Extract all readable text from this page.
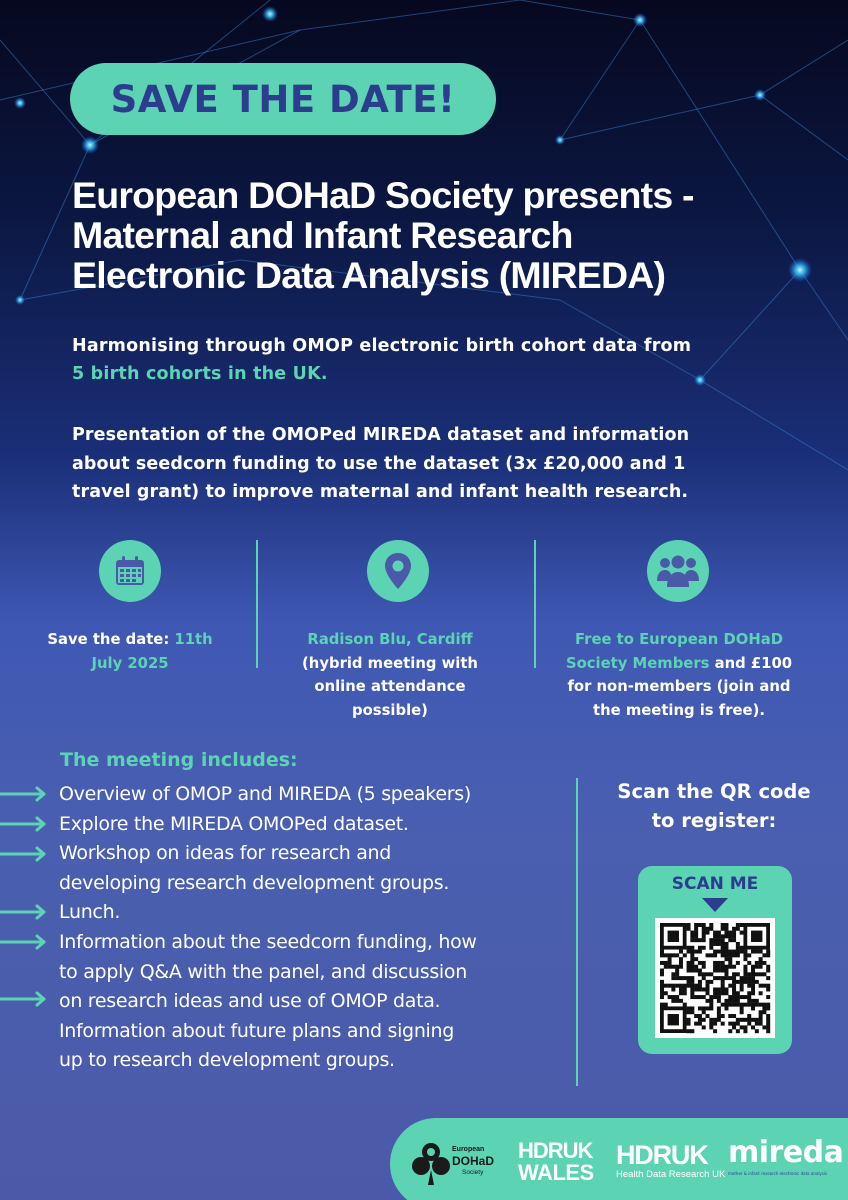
SAVE THE DATE!
European DOHaD Society presents -
Maternal and Infant Research
Electronic Data Analysis (MIREDA)
Harmonising through OMOP electronic birth cohort data from
5 birth cohorts in the UK.
Presentation of the OMOPed MIREDA dataset and information
about seedcorn funding to use the dataset (3x £20,000 and 1
travel grant) to improve maternal and infant health research.
Save the date: 11th
July 2025
Radison Blu, Cardiff
(hybrid meeting with
online attendance
possible)
Free to European DOHaD
Society Members and £100
for non-members (join and
the meeting is free).
The meeting includes:
Overview of OMOP and MIREDA (5 speakers)
Explore the MIREDA OMOPed dataset.
Workshop on ideas for research and
developing research development groups.
Lunch.
Information about the seedcorn funding, how
to apply Q&A with the panel, and discussion
on research ideas and use of OMOP data.
Information about future plans and signing
up to research development groups.
Scan the QR code
to register:
SCAN ME
European
DOHaD
Society
HDRUK
WALES
HDRUK
Health Data Research UK
mireda
mother & infant research electronic data analysis
